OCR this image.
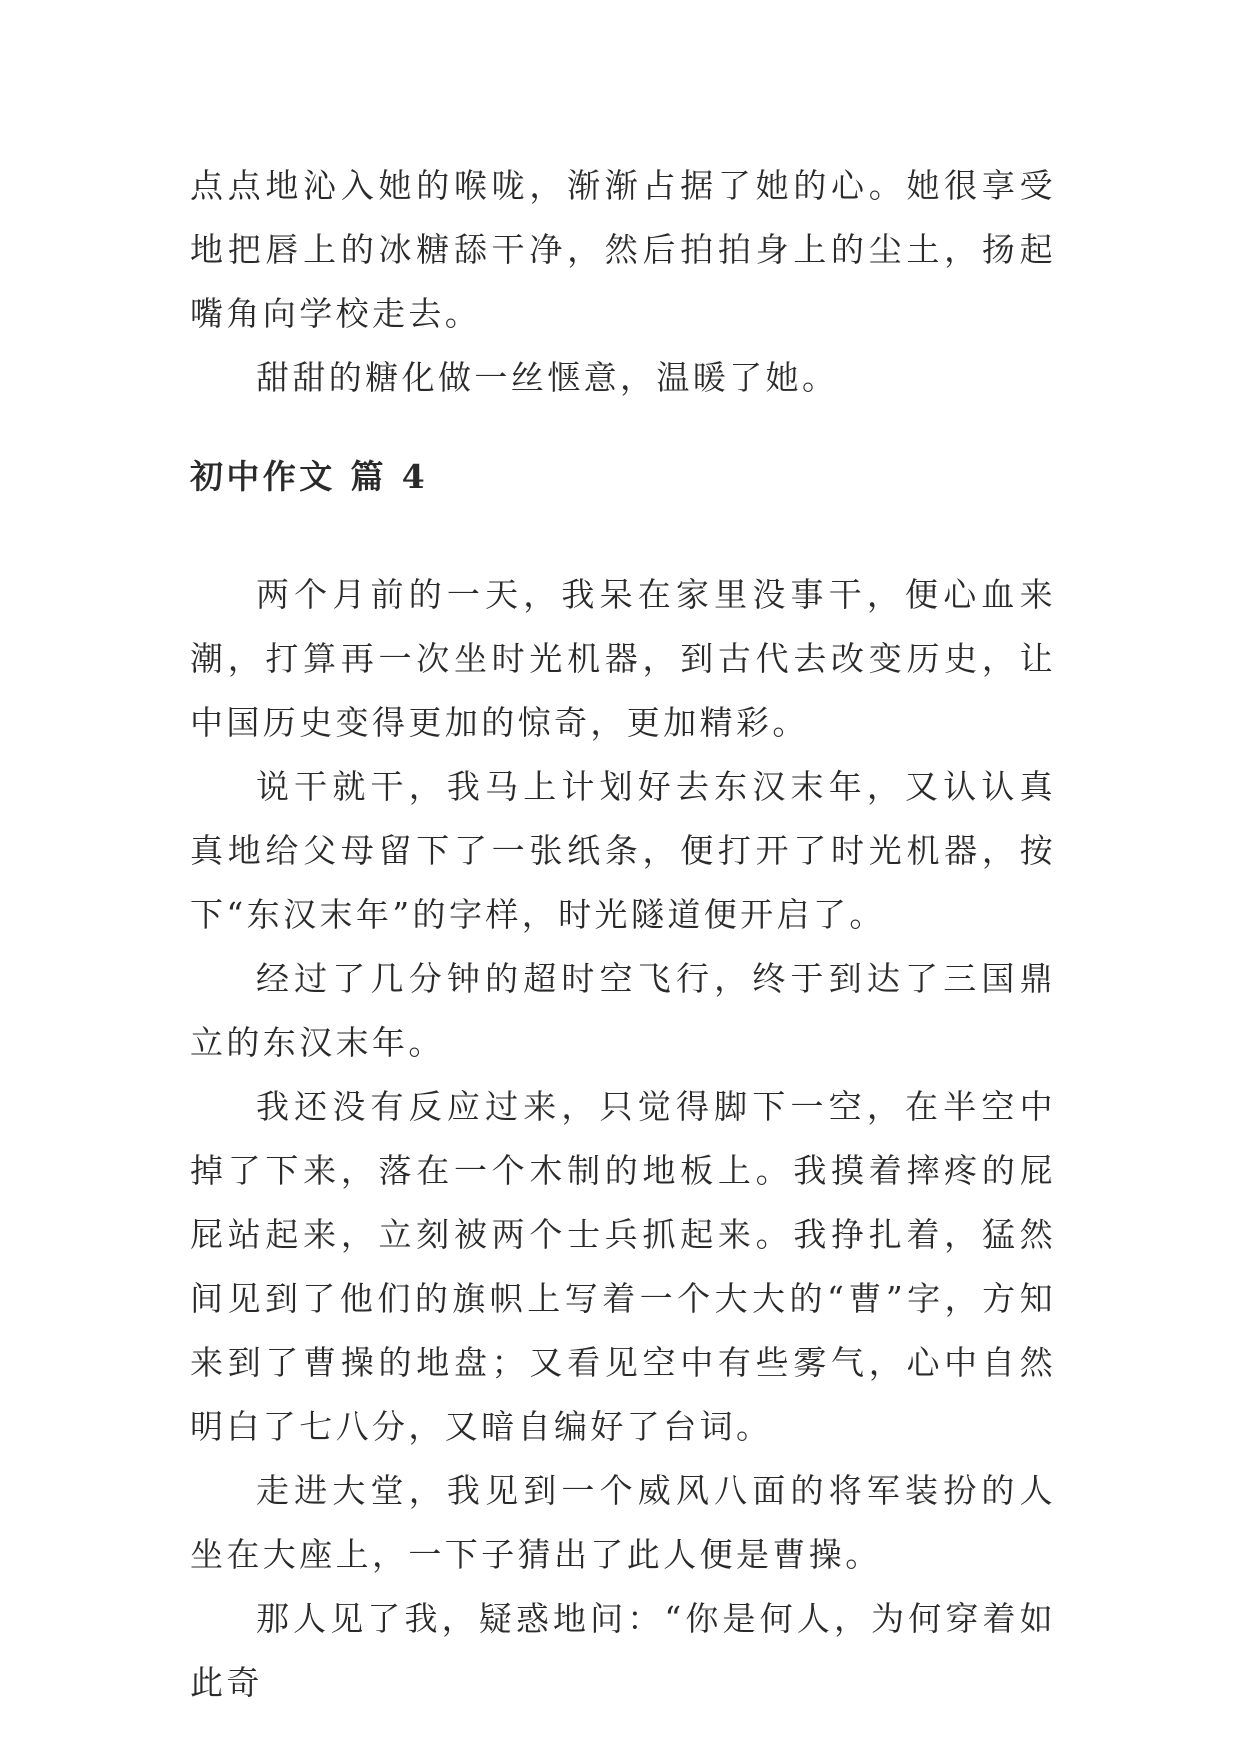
点点地沁入她的喉咙，渐渐占据了她的心。她很享受地把唇上的冰糖舔干净，然后拍拍身上的尘土，扬起嘴角向学校走去。

甜甜的糖化做一丝惬意，温暖了她。

初中作文 篇 4

两个月前的一天，我呆在家里没事干，便心血来潮，打算再一次坐时光机器，到古代去改变历史，让中国历史变得更加的惊奇，更加精彩。

说干就干，我马上计划好去东汉末年，又认认真真地给父母留下了一张纸条，便打开了时光机器，按下“东汉末年”的字样，时光隧道便开启了。

经过了几分钟的超时空飞行，终于到达了三国鼎立的东汉末年。

我还没有反应过来，只觉得脚下一空，在半空中掉了下来，落在一个木制的地板上。我摸着摔疼的屁屁站起来，立刻被两个士兵抓起来。我挣扎着，猛然间见到了他们的旗帜上写着一个大大的“曹”字，方知来到了曹操的地盘；又看见空中有些雾气，心中自然明白了七八分，又暗自编好了台词。

走进大堂，我见到一个威风八面的将军装扮的人坐在大座上，一下子猜出了此人便是曹操。

那人见了我，疑惑地问：“你是何人，为何穿着如此奇
